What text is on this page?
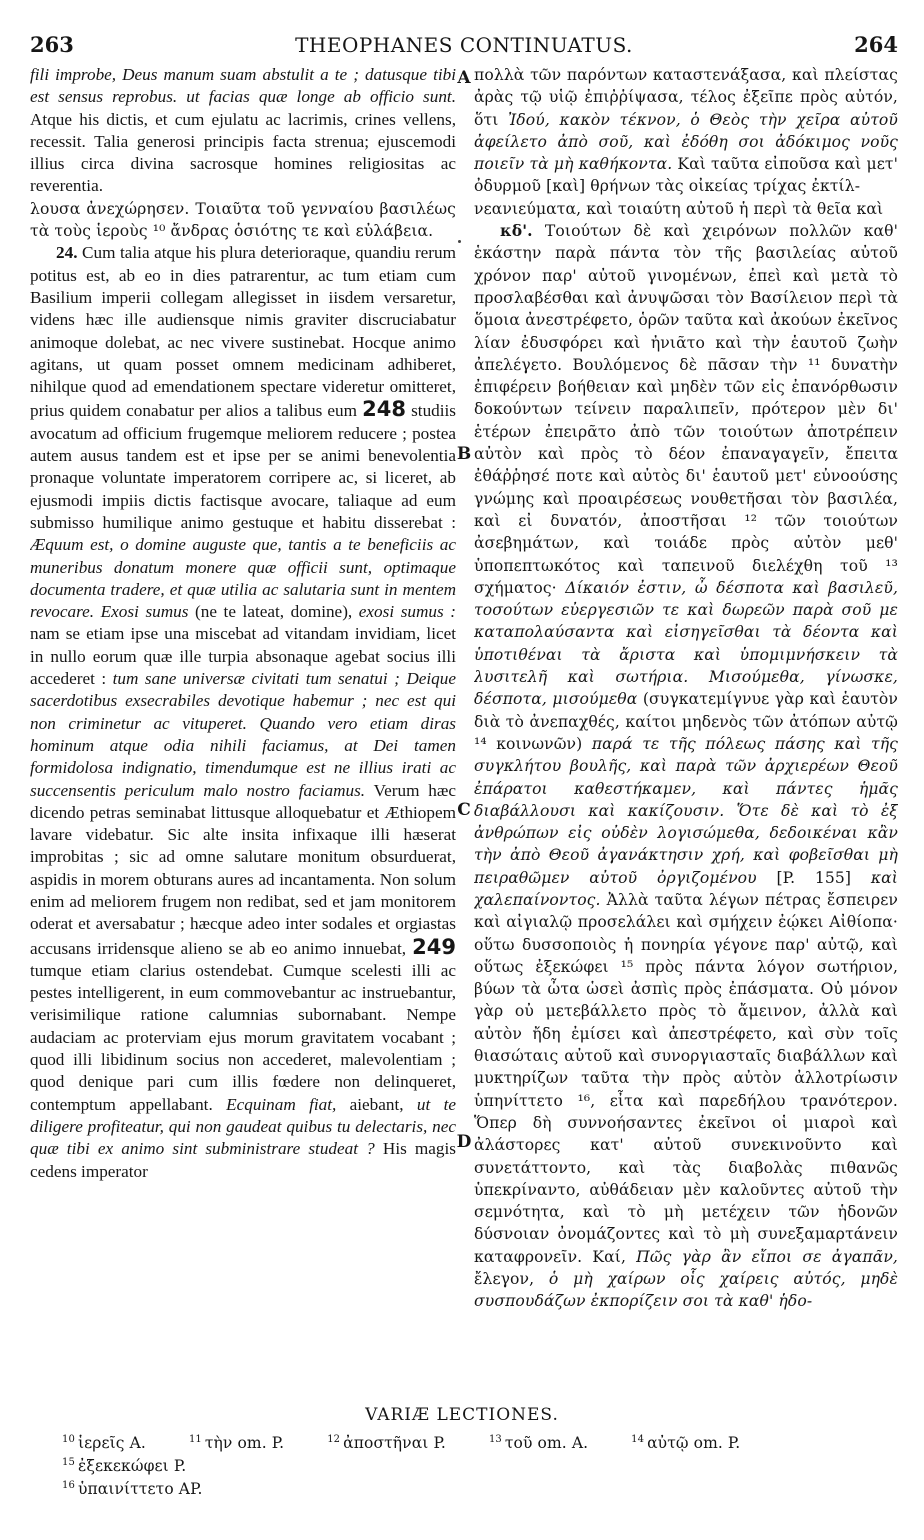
263	THEOPHANES CONTINUATUS.	264
A
B
C
D

fili improbe, Deus manum suam abstulit a te ; datusque tibi est sensus reprobus. ut facias quæ longe ab officio sunt. Atque his dictis, et cum ejulatu ac lacrimis, crines vellens, recessit. Talia generosi principis facta strenua; ejuscemodi illius circa divina sacrosque homines religiositas ac reverentia.

λουσα ἀνεχώρησεν. Τοιαῦτα τοῦ γενναίου βασιλέως τὰ τοὺς ἱεροὺς ¹⁰ ἄνδρας ὁσιότης τε καὶ εὐλάβεια.

24. Cum talia atque his plura deterioraque, quandiu rerum potitus est, ab eo in dies patrarentur, ac tum etiam cum Basilium imperii collegam allegisset in iisdem versaretur, videns hæc ille audiensque nimis graviter discruciabatur animoque dolebat, ac nec vivere sustinebat. Hocque animo agitans, ut quam posset omnem medicinam adhiberet, nihilque quod ad emendationem spectare videretur omitteret, prius quidem conabatur per alios a talibus eum 248 studiis avocatum ad officium frugemque meliorem reducere ; postea autem ausus tandem est et ipse per se animi benevolentia pronaque voluntate imperatorem corripere ac, si liceret, ab ejusmodi impiis dictis factisque avocare, taliaque ad eum submisso humilique animo gestuque et habitu disserebat : Æquum est, o domine auguste que, tantis a te beneficiis ac muneribus donatum monere quæ officii sunt, optimaque documenta tradere, et quæ utilia ac salutaria sunt in mentem revocare. Exosi sumus (ne te lateat, domine), exosi sumus : nam se etiam ipse una miscebat ad vitandam invidiam, licet in nullo eorum quæ ille turpia absonaque agebat socius illi accederet : tum sane universæ civitati tum senatui ; Deique sacerdotibus exsecrabiles devotique habemur ; nec est qui non criminetur ac vituperet. Quando vero etiam diras hominum atque odia nihili faciamus, at Dei tamen formidolosa indignatio, timendumque est ne illius irati ac succensentis periculum malo nostro faciamus. Verum hæc dicendo petras seminabat littusque alloquebatur et Æthiopem lavare videbatur. Sic alte insita infixaque illi hæserat improbitas ; sic ad omne salutare monitum obsurduerat, aspidis in morem obturans aures ad incantamenta. Non solum enim ad meliorem frugem non redibat, sed et jam monitorem oderat et aversabatur ; hæcque adeo inter sodales et orgiastas accusans irridensque alieno se ab eo animo innuebat, 249 tumque etiam clarius ostendebat. Cumque scelesti illi ac pestes intelligerent, in eum commovebantur ac instruebantur, verisimilique ratione calumnias subornabant. Nempe audaciam ac proterviam ejus morum gravitatem vocabant ; quod illi libidinum socius non accederet, malevolentiam ; quod denique pari cum illis fœdere non delinqueret, contemptum appellabant. Ecquinam fiat, aiebant, ut te diligere profiteatur, qui non gaudeat quibus tu delectaris, nec quæ tibi ex animo sint subministrare studeat ? His magis cedens imperator

πολλὰ τῶν παρόντων καταστενάξασα, καὶ πλείστας ἀρὰς τῷ υἱῷ ἐπιῤῥίψασα, τέλος ἐξεῖπε πρὸς αὐτόν, ὅτι Ἰδού, κακὸν τέκνον, ὁ Θεὸς τὴν χεῖρα αὐτοῦ ἀφείλετο ἀπὸ σοῦ, καὶ ἐδόθη σοι ἀδόκιμος νοῦς ποιεῖν τὰ μὴ καθήκοντα. Καὶ ταῦτα εἰποῦσα καὶ μετ' ὀδυρμοῦ [καὶ] θρήνων τὰς οἰκείας τρίχας ἐκτίλ-

νεανιεύματα, καὶ τοιαύτη αὐτοῦ ἡ περὶ τὰ θεῖα καὶ

κδ'. Τοιούτων δὲ καὶ χειρόνων πολλῶν καθ' ἑκάστην παρὰ πάντα τὸν τῆς βασιλείας αὐτοῦ χρόνον παρ' αὐτοῦ γινομένων, ἐπεὶ καὶ μετὰ τὸ προσλαβέσθαι καὶ ἀνυψῶσαι τὸν Βασίλειον περὶ τὰ ὅμοια ἀνεστρέφετο, ὁρῶν ταῦτα καὶ ἀκούων ἐκεῖνος λίαν ἐδυσφόρει καὶ ἠνιᾶτο καὶ τὴν ἑαυτοῦ ζωὴν ἀπελέγετο. Βουλόμενος δὲ πᾶσαν τὴν ¹¹ δυνατὴν ἐπιφέρειν βοήθειαν καὶ μηδὲν τῶν εἰς ἐπανόρθωσιν δοκούντων τείνειν παραλιπεῖν, πρότερον μὲν δι' ἑτέρων ἐπειρᾶτο ἀπὸ τῶν τοιούτων ἀποτρέπειν αὐτὸν καὶ πρὸς τὸ δέον ἐπαναγαγεῖν, ἔπειτα ἐθάῤῥησέ ποτε καὶ αὐτὸς δι' ἑαυτοῦ μετ' εὐνοούσης γνώμης καὶ προαιρέσεως νουθετῆσαι τὸν βασιλέα, καὶ εἰ δυνατόν, ἀποστῆσαι ¹² τῶν τοιούτων ἀσεβημάτων, καὶ τοιάδε πρὸς αὐτὸν μεθ' ὑποπεπτωκότος καὶ ταπεινοῦ διελέχθη τοῦ ¹³ σχήματος· Δίκαιόν ἐστιν, ὦ δέσποτα καὶ βασιλεῦ, τοσούτων εὐεργεσιῶν τε καὶ δωρεῶν παρὰ σοῦ με καταπολαύσαντα καὶ εἰσηγεῖσθαι τὰ δέοντα καὶ ὑποτιθέναι τὰ ἄριστα καὶ ὑπομιμνήσκειν τὰ λυσιτελῆ καὶ σωτήρια. Μισούμεθα, γίνωσκε, δέσποτα, μισούμεθα (συγκατεμίγνυε γὰρ καὶ ἑαυτὸν διὰ τὸ ἀνεπαχθές, καίτοι μηδενὸς τῶν ἀτόπων αὐτῷ ¹⁴ κοινωνῶν) παρά τε τῆς πόλεως πάσης καὶ τῆς συγκλήτου βουλῆς, καὶ παρὰ τῶν ἀρχιερέων Θεοῦ ἐπάρατοι καθεστήκαμεν, καὶ πάντες ἡμᾶς διαβάλλουσι καὶ κακίζουσιν. Ὅτε δὲ καὶ τὸ ἐξ ἀνθρώπων εἰς οὐδὲν λογισώμεθα, δεδοικέναι κἂν τὴν ἀπὸ Θεοῦ ἀγανάκτησιν χρή, καὶ φοβεῖσθαι μὴ πειραθῶμεν αὐτοῦ ὀργιζομένου [P. 155] καὶ χαλεπαίνοντος. Ἀλλὰ ταῦτα λέγων πέτρας ἔσπειρεν καὶ αἰγιαλῷ προσελάλει καὶ σμήχειν ἐῴκει Αἰθίοπα· οὕτω δυσσοποιὸς ἡ πονηρία γέγονε παρ' αὐτῷ, καὶ οὕτως ἐξεκώφει ¹⁵ πρὸς πάντα λόγον σωτήριον, βύων τὰ ὦτα ὡσεὶ ἀσπὶς πρὸς ἐπάσματα. Οὐ μόνον γὰρ οὐ μετεβάλλετο πρὸς τὸ ἄμεινον, ἀλλὰ καὶ αὐτὸν ἤδη ἐμίσει καὶ ἀπεστρέφετο, καὶ σὺν τοῖς θιασώταις αὐτοῦ καὶ συνοργιασταῖς διαβάλλων καὶ μυκτηρίζων ταῦτα τὴν πρὸς αὐτὸν ἀλλοτρίωσιν ὑπηνίττετο ¹⁶, εἶτα καὶ παρεδήλου τρανότερον. Ὅπερ δὴ συννοήσαντες ἐκεῖνοι οἱ μιαροὶ καὶ ἀλάστορες κατ' αὐτοῦ συνεκινοῦντο καὶ συνετάττοντο, καὶ τὰς διαβολὰς πιθανῶς ὑπεκρίναντο, αὐθάδειαν μὲν καλοῦντες αὐτοῦ τὴν σεμνότητα, καὶ τὸ μὴ μετέχειν τῶν ἡδονῶν δύσνοιαν ὀνομάζοντες καὶ τὸ μὴ συνεξαμαρτάνειν καταφρονεῖν. Καί, Πῶς γὰρ ἂν εἴποι σε ἀγαπᾶν, ἔλεγον, ὁ μὴ χαίρων οἷς χαίρεις αὐτός, μηδὲ συσπουδάζων ἐκπορίζειν σοι τὰ καθ' ἡδο-

VARIÆ LECTIONES.
$^{10}$ ἱερεῖς A.	$^{11}$ τὴν om. P.	$^{12}$ ἀποστῆναι P.	$^{13}$ τοῦ om. A.	$^{14}$ αὐτῷ om. P. $^{15}$ ἐξεκεκώφει P.
$^{16}$ ὑπαινίττετο AP.
